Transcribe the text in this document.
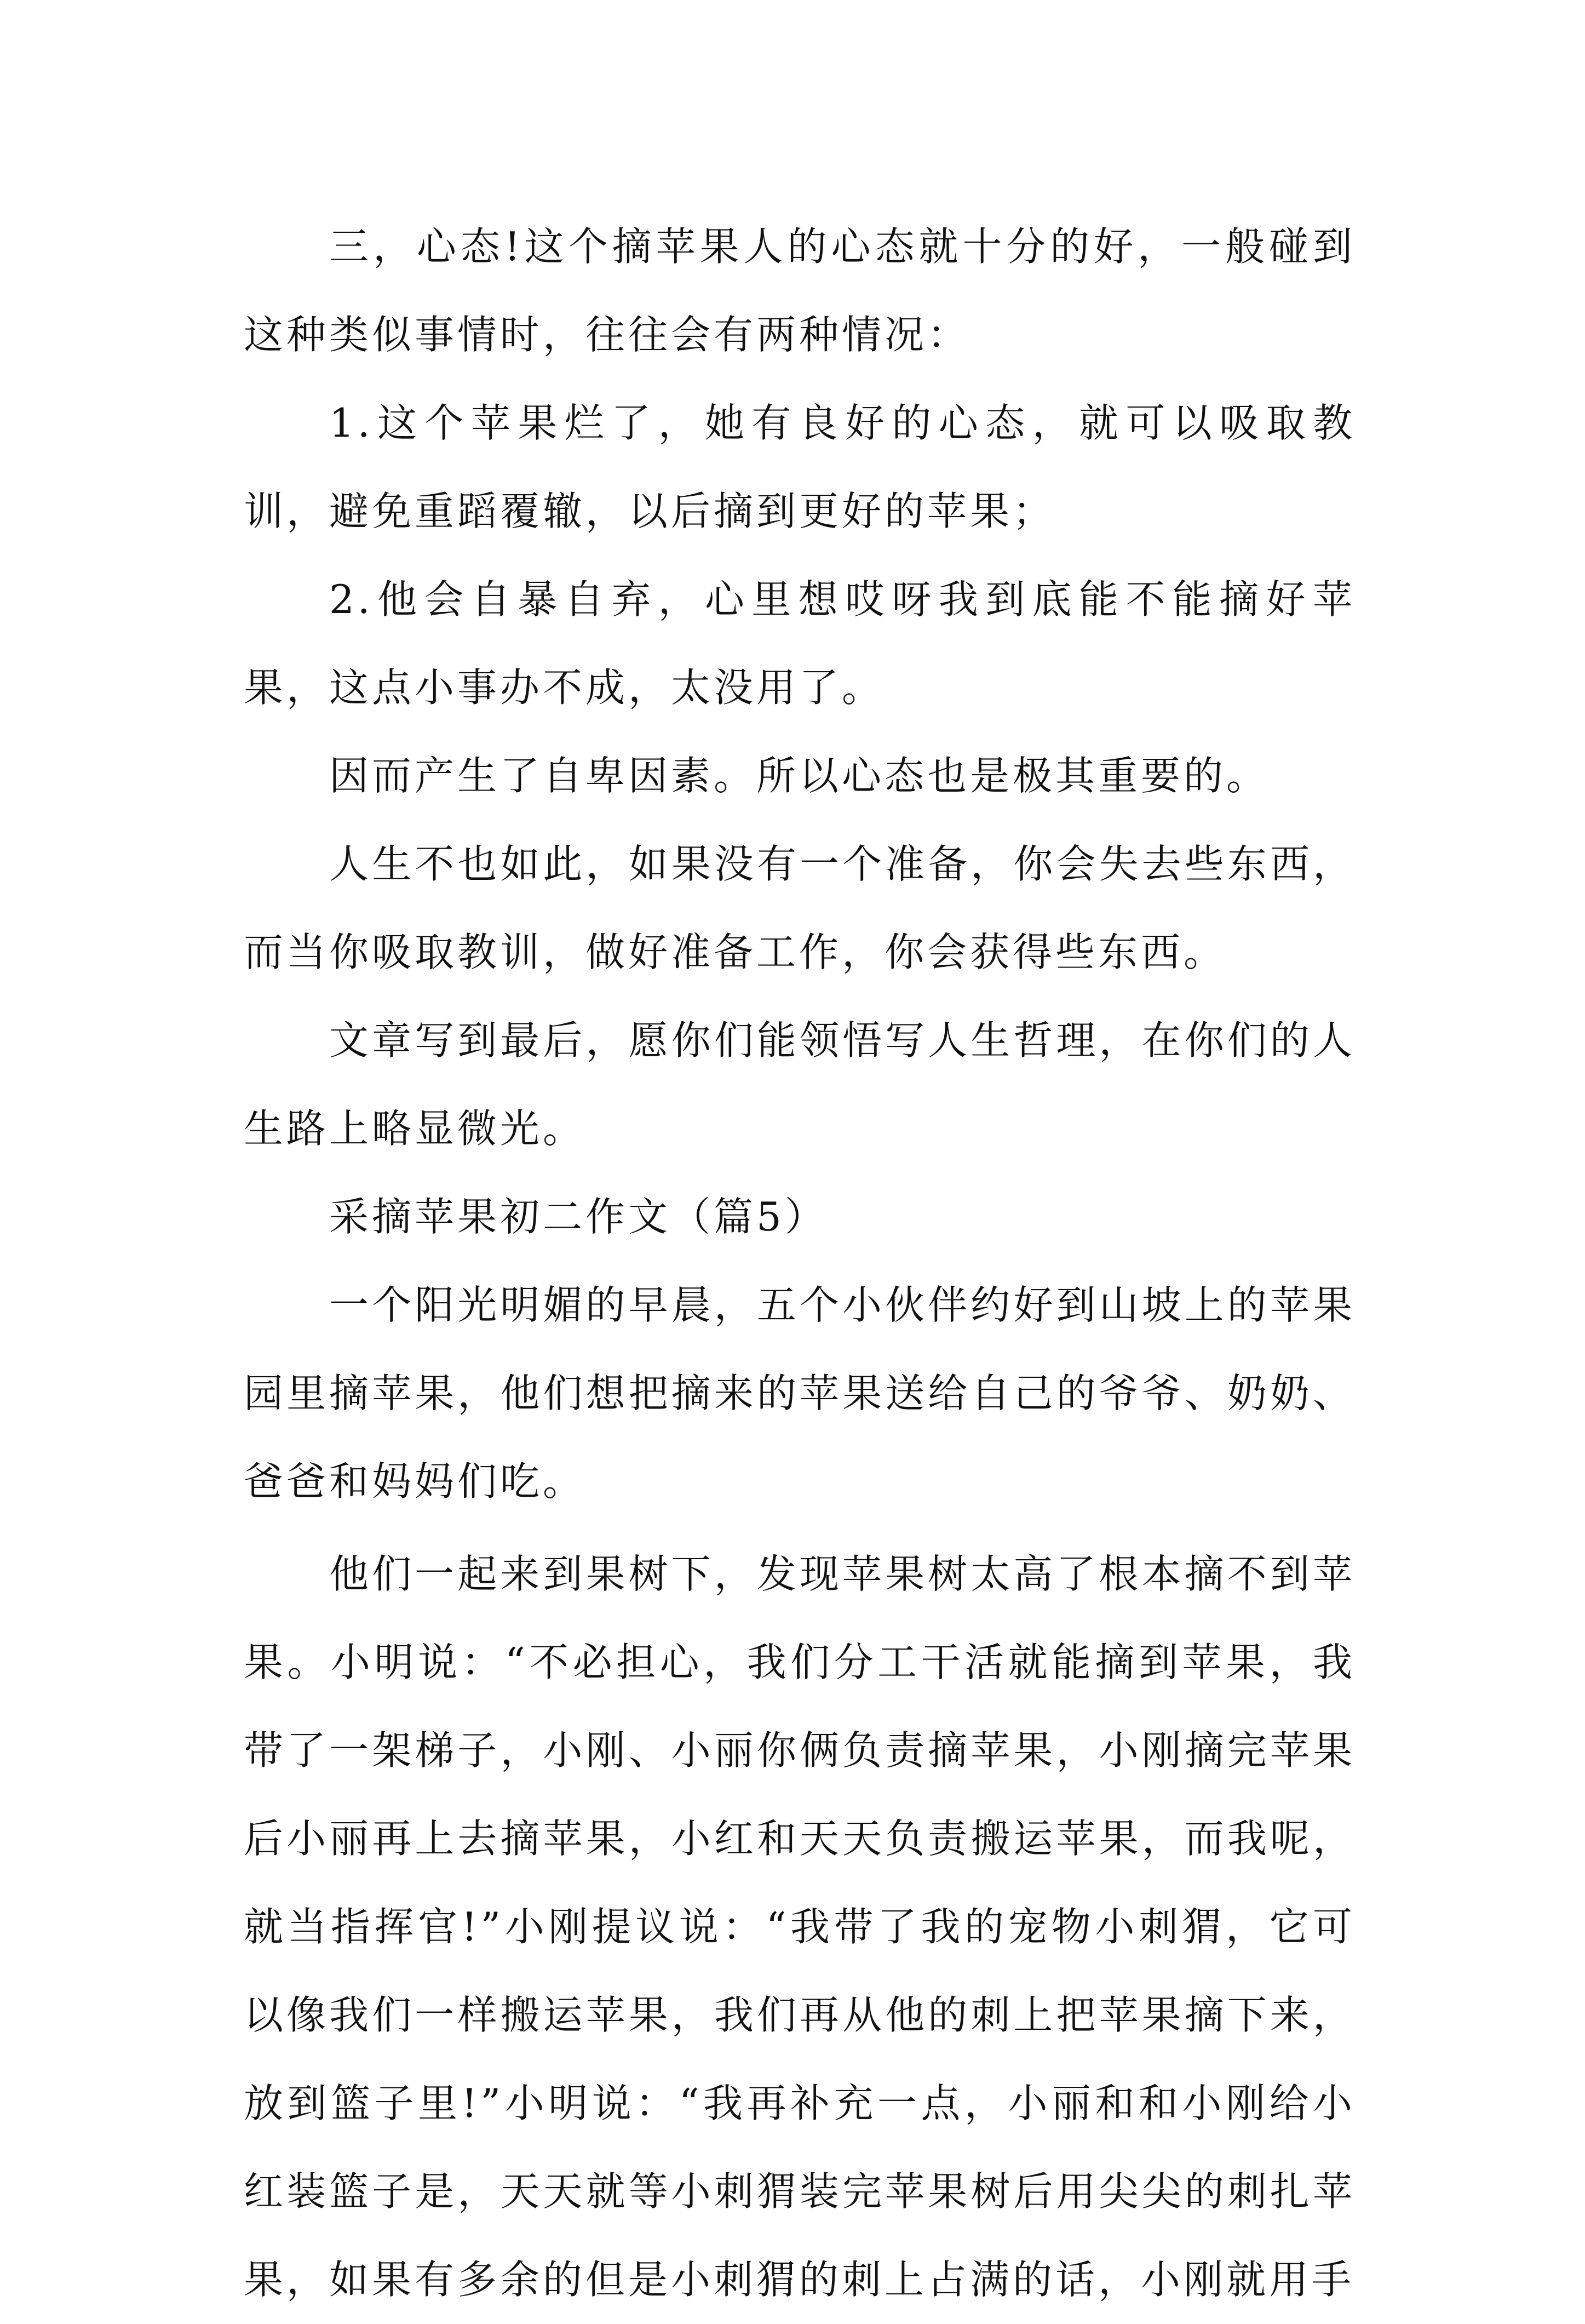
三，心态!这个摘苹果人的心态就十分的好，一般碰到这种类似事情时，往往会有两种情况：

1.这个苹果烂了，她有良好的心态，就可以吸取教训，避免重蹈覆辙，以后摘到更好的苹果；

2.他会自暴自弃，心里想哎呀我到底能不能摘好苹果，这点小事办不成，太没用了。

因而产生了自卑因素。所以心态也是极其重要的。

人生不也如此，如果没有一个准备，你会失去些东西，而当你吸取教训，做好准备工作，你会获得些东西。

文章写到最后，愿你们能领悟写人生哲理，在你们的人生路上略显微光。

采摘苹果初二作文（篇5）

一个阳光明媚的早晨，五个小伙伴约好到山坡上的苹果园里摘苹果，他们想把摘来的苹果送给自己的爷爷、奶奶、爸爸和妈妈们吃。

他们一起来到果树下，发现苹果树太高了根本摘不到苹果。小明说：“不必担心，我们分工干活就能摘到苹果，我带了一架梯子，小刚、小丽你俩负责摘苹果，小刚摘完苹果后小丽再上去摘苹果，小红和天天负责搬运苹果，而我呢，就当指挥官!”小刚提议说：“我带了我的宠物小刺猬，它可以像我们一样搬运苹果，我们再从他的刺上把苹果摘下来，放到篮子里!”小明说：“我再补充一点，小丽和和小刚给小红装篮子是，天天就等小刺猬装完苹果树后用尖尖的刺扎苹果，如果有多余的但是小刺猬的刺上占满的话，小刚就用手
